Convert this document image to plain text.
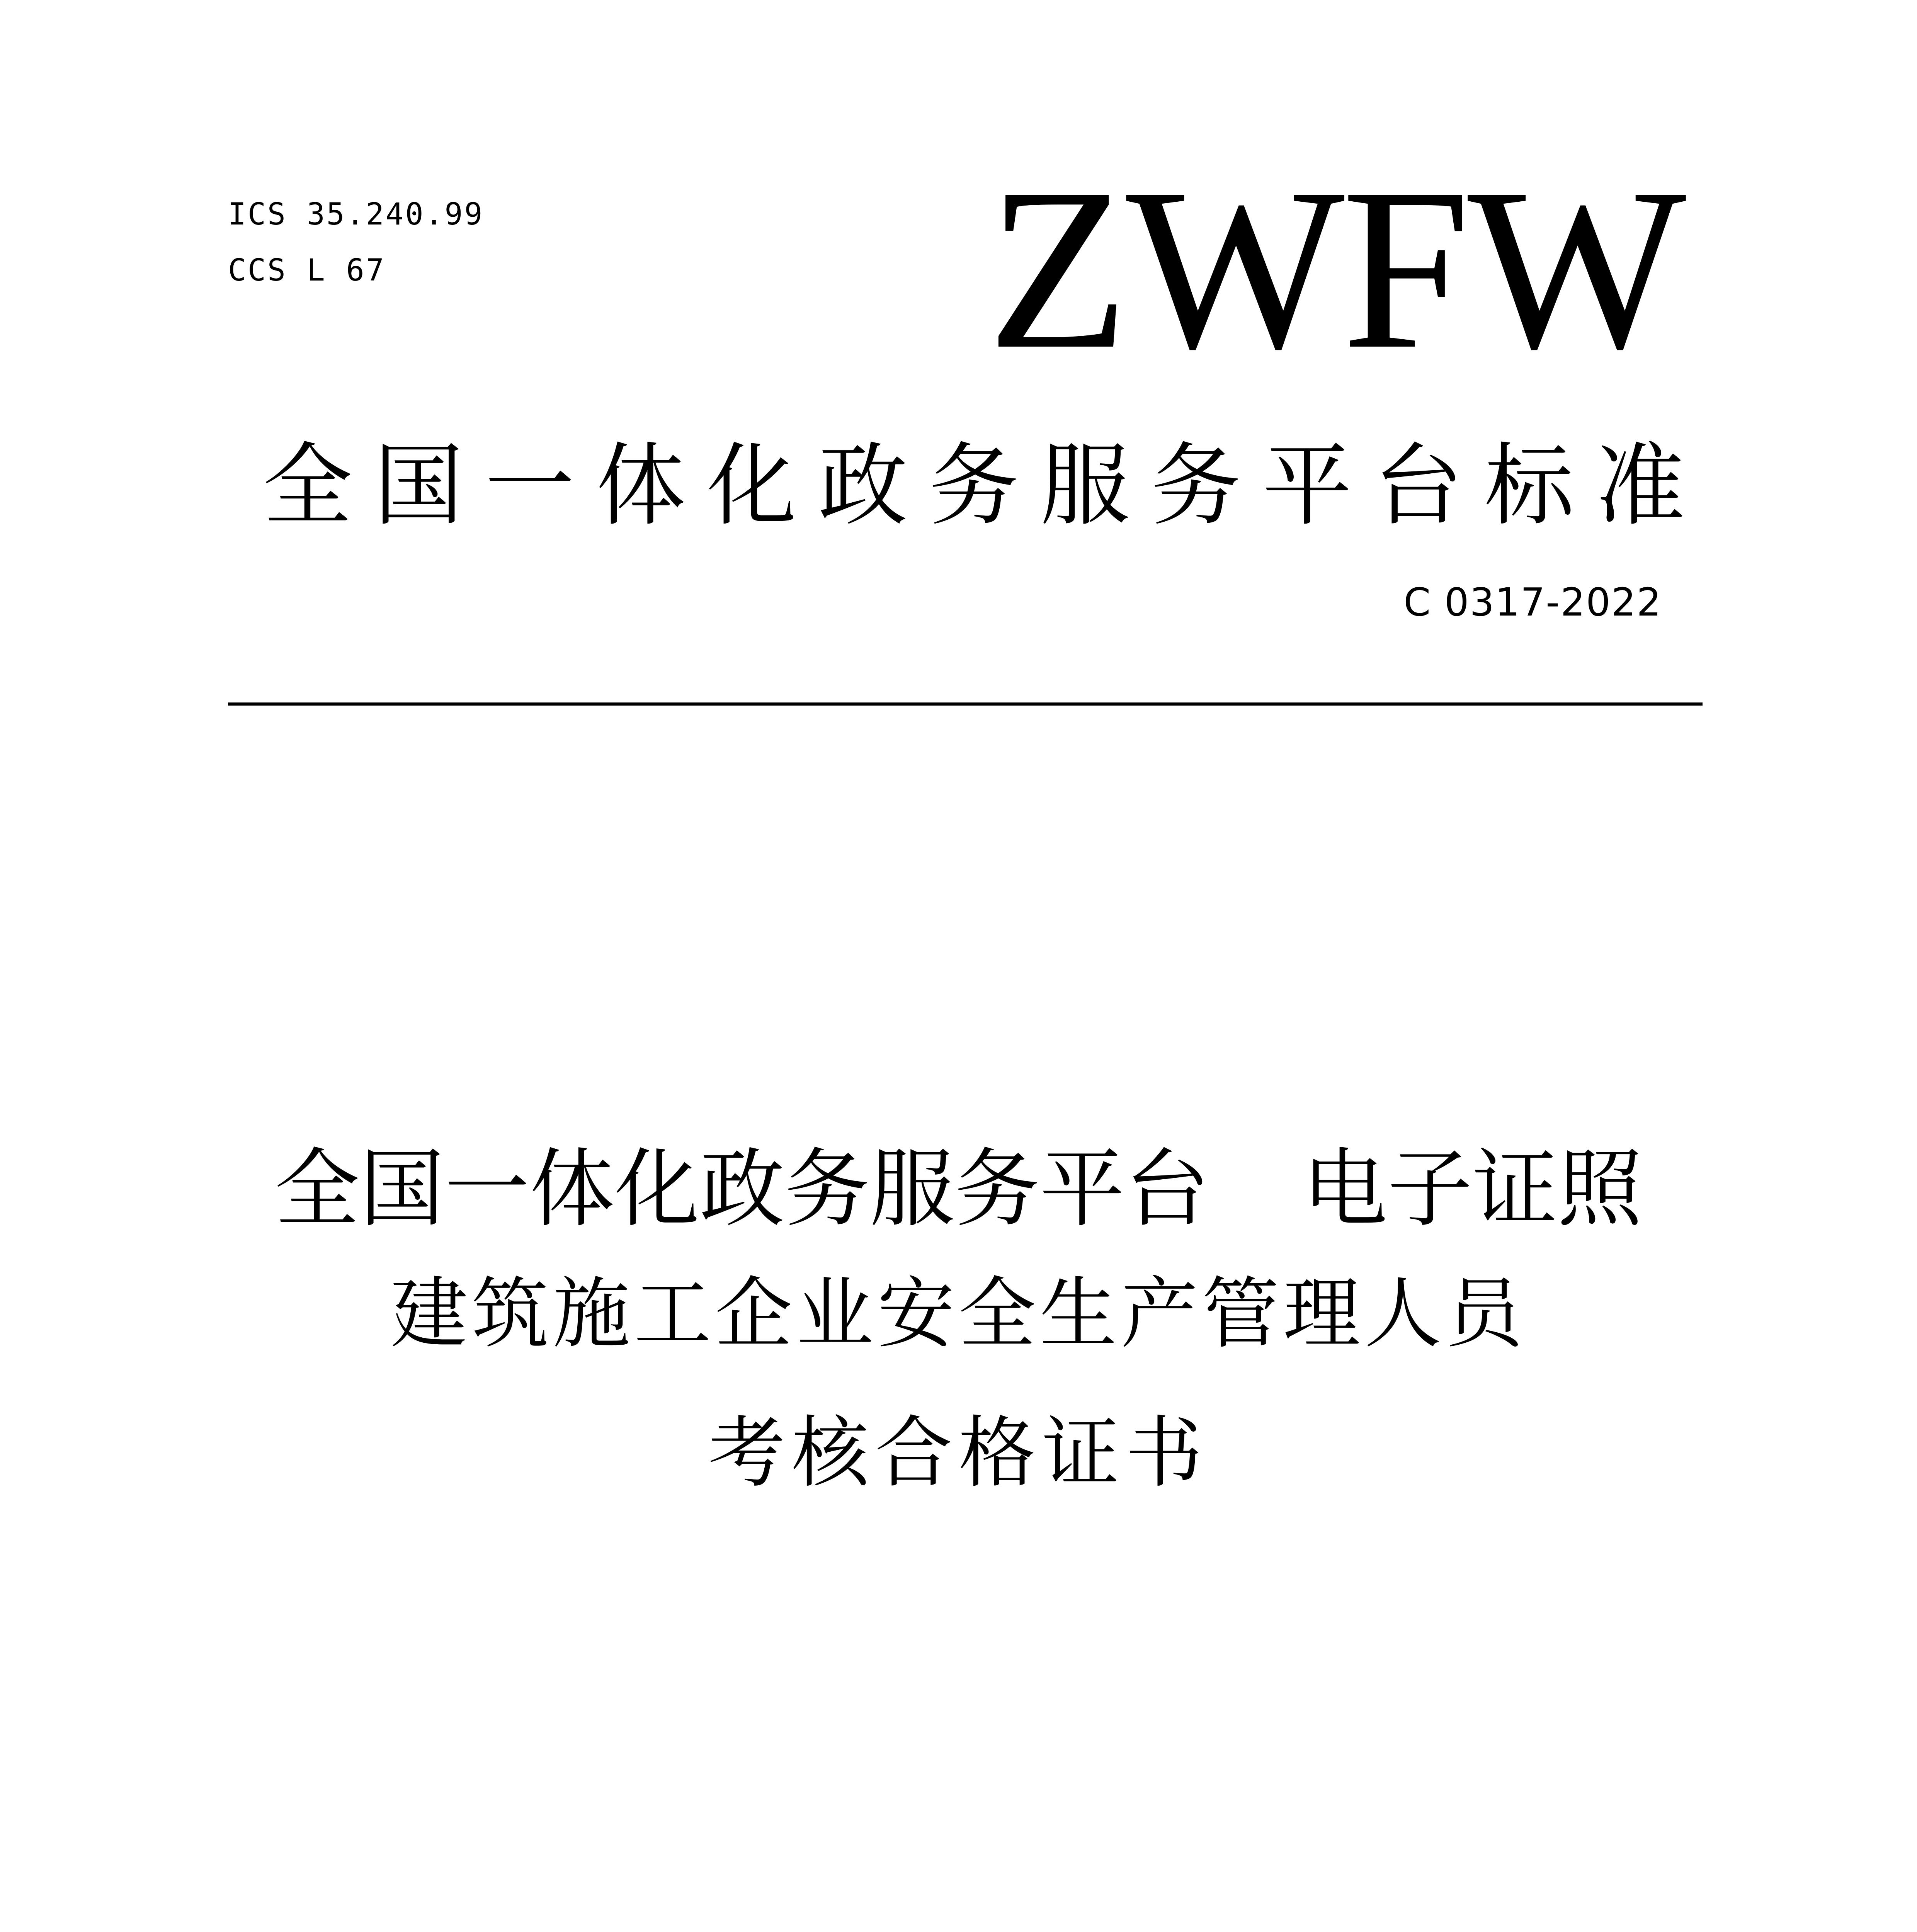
ICS 35.240.99
CCS L 67	ZWFW
全 国 一 体 化 政 务 服 务 平 台 标 准
C 0317-2022
全国一体化政务服务平台 电子证照
建筑施工企业安全生产管理人员
考核合格证书
